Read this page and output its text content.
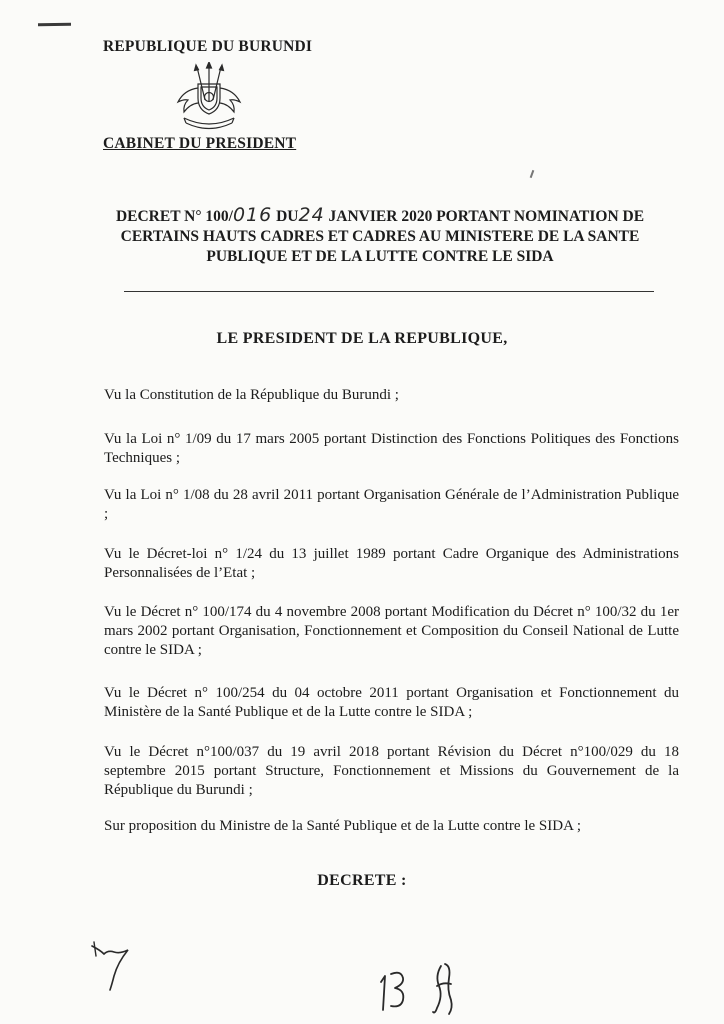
REPUBLIQUE DU BURUNDI
CABINET DU PRESIDENT
DECRET N° 100/016 DU24 JANVIER 2020 PORTANT NOMINATION DE
CERTAINS HAUTS CADRES ET CADRES AU MINISTERE DE LA SANTE
PUBLIQUE ET DE LA LUTTE CONTRE LE SIDA
LE PRESIDENT DE LA REPUBLIQUE,
Vu la Constitution de la République du Burundi ;
Vu la Loi n° 1/09 du 17 mars 2005 portant Distinction des Fonctions Politiques des Fonctions Techniques ;
Vu la Loi n° 1/08 du 28 avril 2011 portant Organisation Générale de l’Administration Publique ;
Vu le Décret-loi n° 1/24 du 13 juillet 1989 portant Cadre Organique des Administrations Personnalisées de l’Etat ;
Vu le Décret n° 100/174 du 4 novembre 2008 portant Modification du Décret n° 100/32 du 1er mars 2002 portant Organisation, Fonctionnement et Composition du Conseil National de Lutte contre le SIDA ;
Vu le Décret n° 100/254 du 04 octobre 2011 portant Organisation et Fonctionnement du Ministère de la Santé Publique et de la Lutte contre le SIDA ;
Vu le Décret n°100/037 du 19 avril 2018 portant Révision du Décret n°100/029 du 18 septembre 2015 portant Structure, Fonctionnement et Missions du Gouvernement de la République du Burundi ;
Sur proposition du Ministre de la Santé Publique et de la Lutte contre le SIDA ;
DECRETE :
